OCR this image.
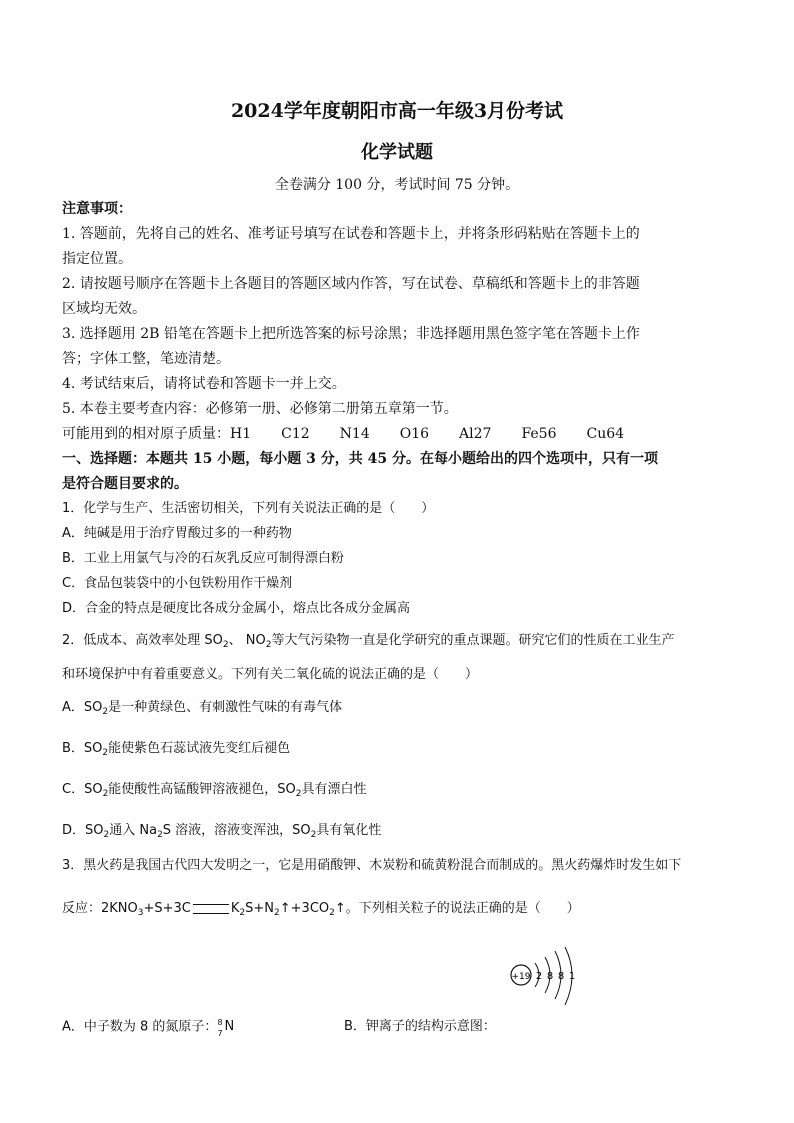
2024学年度朝阳市高一年级3月份考试
化学试题
全卷满分 100 分，考试时间 75 分钟。
注意事项：
1. 答题前，先将自己的姓名、准考证号填写在试卷和答题卡上，并将条形码粘贴在答题卡上的
指定位置。
2. 请按题号顺序在答题卡上各题目的答题区域内作答，写在试卷、草稿纸和答题卡上的非答题
区域均无效。
3. 选择题用 2B 铅笔在答题卡上把所选答案的标号涂黑；非选择题用黑色签字笔在答题卡上作
答；字体工整，笔迹清楚。
4. 考试结束后，请将试卷和答题卡一并上交。
5. 本卷主要考查内容：必修第一册、必修第二册第五章第一节。
可能用到的相对原子质量：H1 C12 N14 O16 Al27 Fe56 Cu64
一、选择题：本题共 15 小题，每小题 3 分，共 45 分。在每小题给出的四个选项中，只有一项
是符合题目要求的。
1．化学与生产、生活密切相关，下列有关说法正确的是（　　）
A．纯碱是用于治疗胃酸过多的一种药物
B．工业上用氯气与冷的石灰乳反应可制得漂白粉
C．食品包装袋中的小包铁粉用作干燥剂
D．合金的特点是硬度比各成分金属小，熔点比各成分金属高
2．低成本、高效率处理 $SO_2$、 $NO_2$等大气污染物一直是化学研究的重点课题。研究它们的性质在工业生产
和环境保护中有着重要意义。下列有关二氧化硫的说法正确的是（　　）
A．$SO_2$是一种黄绿色、有刺激性气味的有毒气体
B．$SO_2$能使紫色石蕊试液先变红后褪色
C．$SO_2$能使酸性高锰酸钾溶液褪色，$SO_2$具有漂白性
D．$SO_2$通入 $Na_2S$ 溶液，溶液变浑浊，$SO_2$具有氧化性
3．黑火药是我国古代四大发明之一，它是用硝酸钾、木炭粉和硫黄粉混合而制成的。黑火药爆炸时发生如下
反应：$2KNO_3+S+3C$	$K_2S+N_2↑+3CO_2↑$。下列相关粒子的说法正确的是（　　）
A．中子数为 8 的氮原子： 8
7 N	B．钾离子的结构示意图：
+19 2 8 8 1
